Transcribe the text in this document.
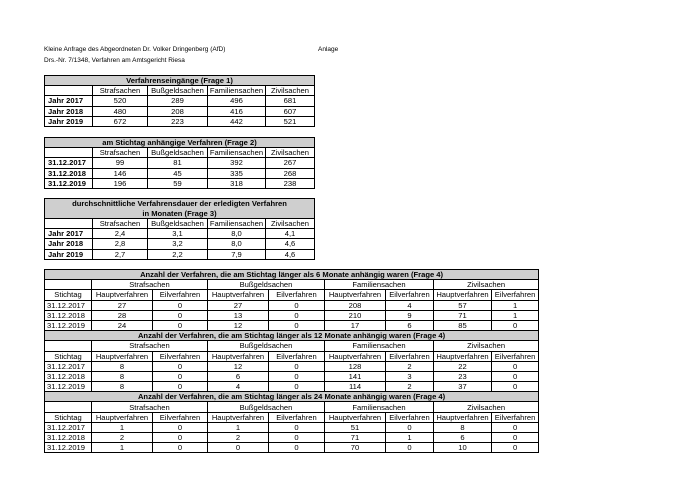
Kleine Anfrage des Abgeordneten Dr. Volker Dringenberg (AfD)
Drs.-Nr. 7/1348, Verfahren am Amtsgericht Riesa
Anlage
Verfahrenseingänge (Frage 1)				
	Strafsachen	Bußgeldsachen	Familiensachen	Zivilsachen
Jahr 2017	520	289	496	681
Jahr 2018	480	208	416	607
Jahr 2019	672	223	442	521
am Stichtag anhängige Verfahren (Frage 2)				
	Strafsachen	Bußgeldsachen	Familiensachen	Zivilsachen
31.12.2017	99	81	392	267
31.12.2018	146	45	335	268
31.12.2019	196	59	318	238
durchschnittliche Verfahrensdauer der erledigten Verfahren
in Monaten (Frage 3)				
	Strafsachen	Bußgeldsachen	Familiensachen	Zivilsachen
Jahr 2017	2,4	3,1	8,0	4,1
Jahr 2018	2,8	3,2	8,0	4,6
Jahr 2019	2,7	2,2	7,9	4,6
Anzahl der Verfahren, die am Stichtag länger als 6 Monate anhängig waren (Frage 4)								
	Strafsachen		Bußgeldsachen		Familiensachen		Zivilsachen	
Stichtag	Hauptverfahren	Eilverfahren	Hauptverfahren	Eilverfahren	Hauptverfahren	Eilverfahren	Hauptverfahren	Eilverfahren
31.12.2017	27	0	27	0	208	4	57	1
31.12.2018	28	0	13	0	210	9	71	1
31.12.2019	24	0	12	0	17	6	85	0
Anzahl der Verfahren, die am Stichtag länger als 12 Monate anhängig waren (Frage 4)								
	Strafsachen		Bußgeldsachen		Familiensachen		Zivilsachen	
Stichtag	Hauptverfahren	Eilverfahren	Hauptverfahren	Eilverfahren	Hauptverfahren	Eilverfahren	Hauptverfahren	Eilverfahren
31.12.2017	8	0	12	0	128	2	22	0
31.12.2018	8	0	6	0	141	3	23	0
31.12.2019	8	0	4	0	114	2	37	0
Anzahl der Verfahren, die am Stichtag länger als 24 Monate anhängig waren (Frage 4)								
	Strafsachen		Bußgeldsachen		Familiensachen		Zivilsachen	
Stichtag	Hauptverfahren	Eilverfahren	Hauptverfahren	Eilverfahren	Hauptverfahren	Eilverfahren	Hauptverfahren	Eilverfahren
31.12.2017	1	0	1	0	51	0	8	0
31.12.2018	2	0	2	0	71	1	6	0
31.12.2019	1	0	0	0	70	0	10	0
